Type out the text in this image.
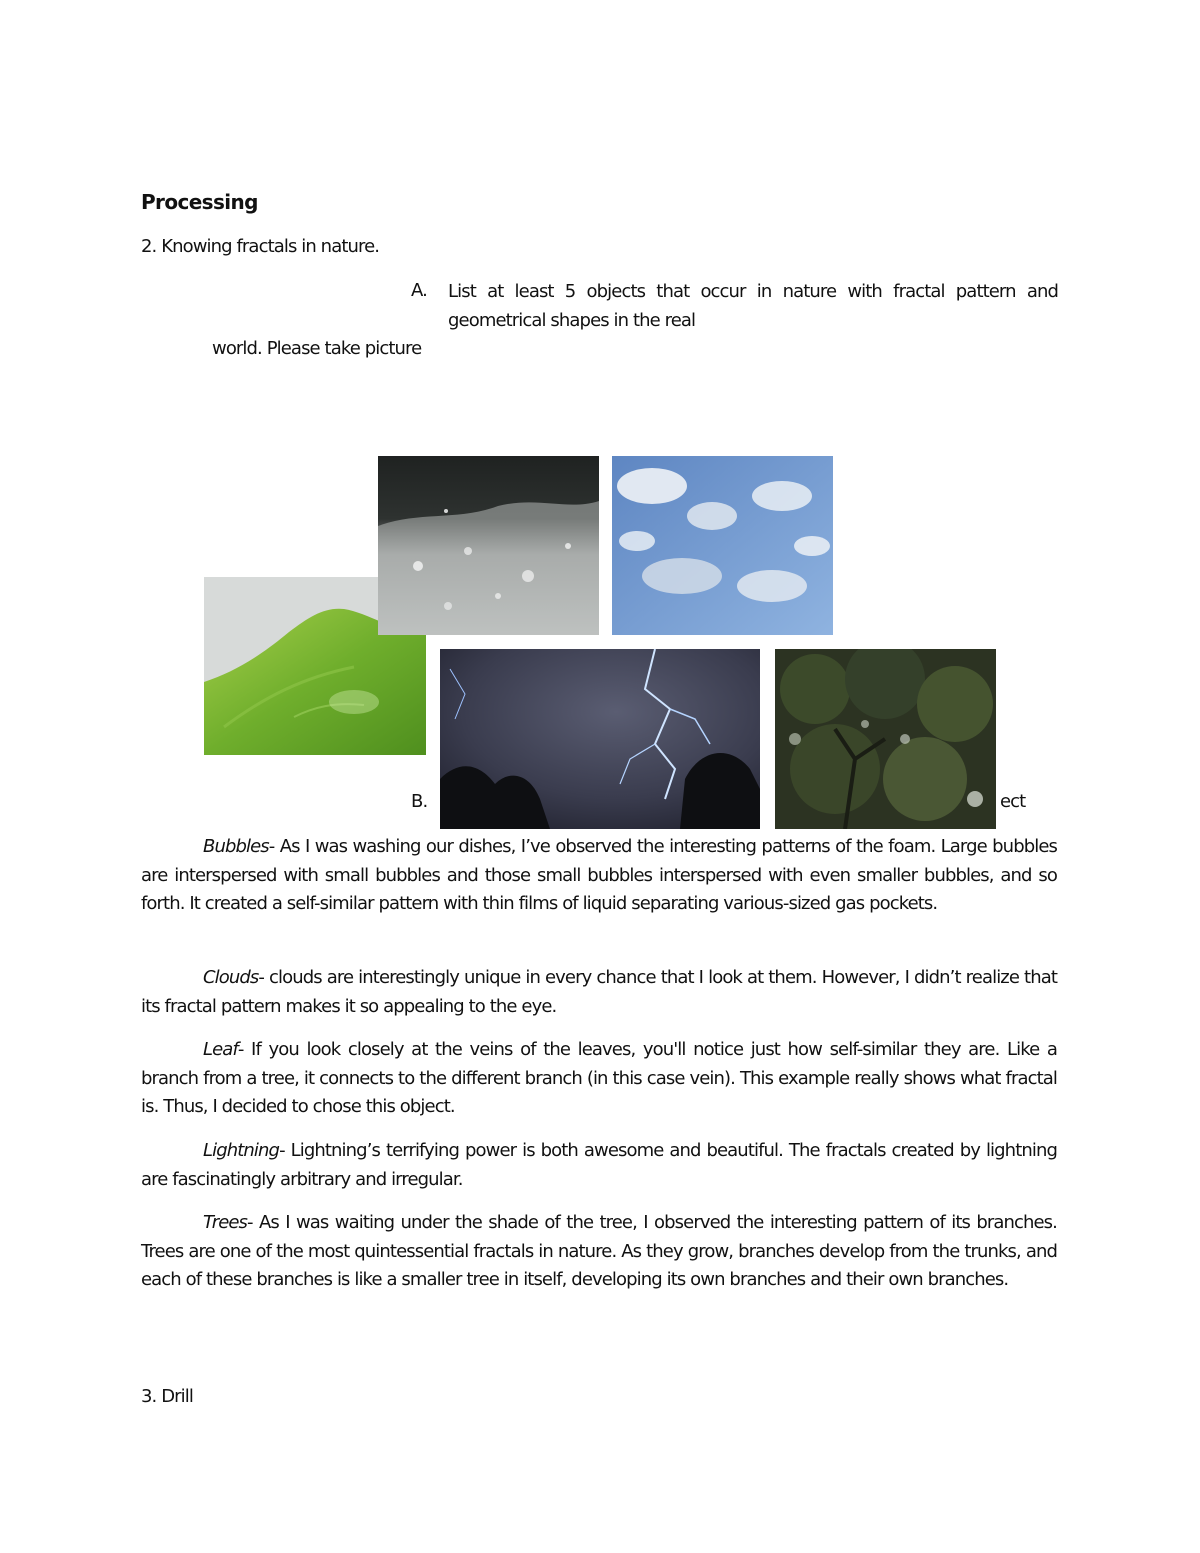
Processing
2. Knowing fractals in nature.
A. List at least 5 objects that occur in nature with fractal pattern and geometrical shapes in the real
world. Please take picture
B.	ect
Bubbles- As I was washing our dishes, I’ve observed the interesting patterns of the foam. Large bubbles are interspersed with small bubbles and those small bubbles interspersed with even smaller bubbles, and so forth. It created a self-similar pattern with thin films of liquid separating various-sized gas pockets.
Clouds- clouds are interestingly unique in every chance that I look at them. However, I didn’t realize that its fractal pattern makes it so appealing to the eye.
Leaf- If you look closely at the veins of the leaves, you'll notice just how self-similar they are. Like a branch from a tree, it connects to the different branch (in this case vein). This example really shows what fractal is. Thus, I decided to chose this object.
Lightning- Lightning’s terrifying power is both awesome and beautiful. The fractals created by lightning are fascinatingly arbitrary and irregular.
Trees- As I was waiting under the shade of the tree, I observed the interesting pattern of its branches. Trees are one of the most quintessential fractals in nature. As they grow, branches develop from the trunks, and each of these branches is like a smaller tree in itself, developing its own branches and their own branches.
3. Drill
